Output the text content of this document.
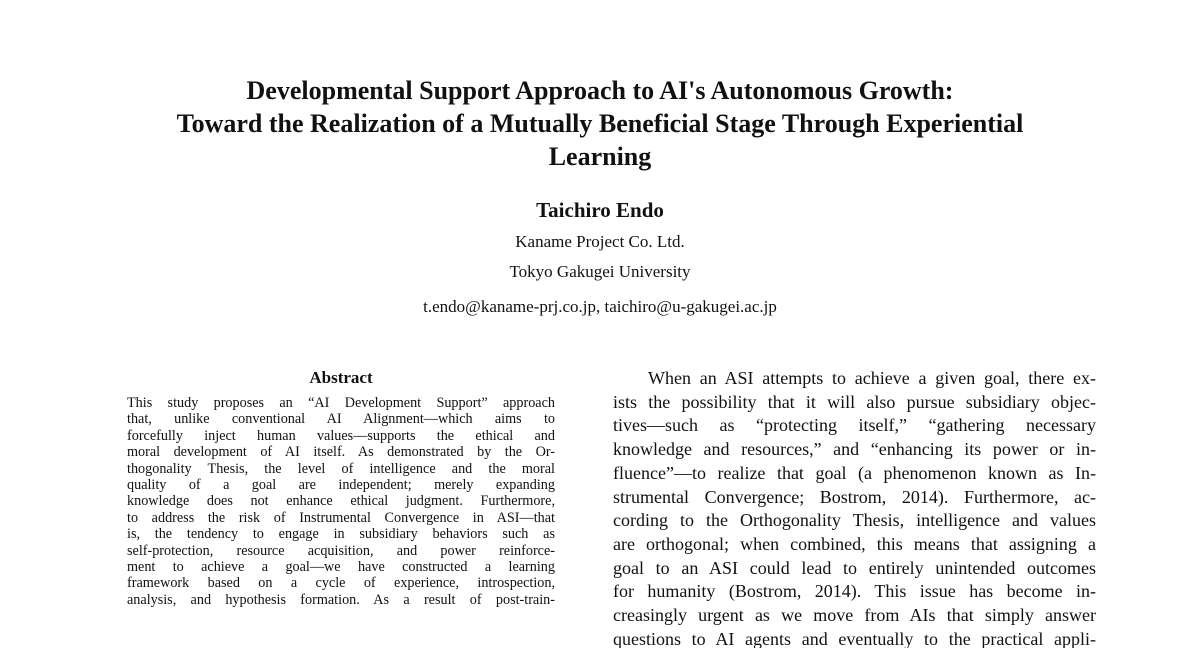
Developmental Support Approach to AI's Autonomous Growth:
Toward the Realization of a Mutually Beneficial Stage Through Experiential
Learning
Taichiro Endo
Kaname Project Co. Ltd.
Tokyo Gakugei University
t.endo@kaname-prj.co.jp, taichiro@u-gakugei.ac.jp
Abstract

This study proposes an “AI Development Support” approach

that, unlike conventional AI Alignment—which aims to

forcefully inject human values—supports the ethical and

moral development of AI itself. As demonstrated by the Or-

thogonality Thesis, the level of intelligence and the moral

quality of a goal are independent; merely expanding

knowledge does not enhance ethical judgment. Furthermore,

to address the risk of Instrumental Convergence in ASI—that

is, the tendency to engage in subsidiary behaviors such as

self-protection, resource acquisition, and power reinforce-

ment to achieve a goal—we have constructed a learning

framework based on a cycle of experience, introspection,

analysis, and hypothesis formation. As a result of post-train-

When an ASI attempts to achieve a given goal, there ex-

ists the possibility that it will also pursue subsidiary objec-

tives—such as “protecting itself,” “gathering necessary

knowledge and resources,” and “enhancing its power or in-

fluence”—to realize that goal (a phenomenon known as In-

strumental Convergence; Bostrom, 2014). Furthermore, ac-

cording to the Orthogonality Thesis, intelligence and values

are orthogonal; when combined, this means that assigning a

goal to an ASI could lead to entirely unintended outcomes

for humanity (Bostrom, 2014). This issue has become in-

creasingly urgent as we move from AIs that simply answer

questions to AI agents and eventually to the practical appli-
